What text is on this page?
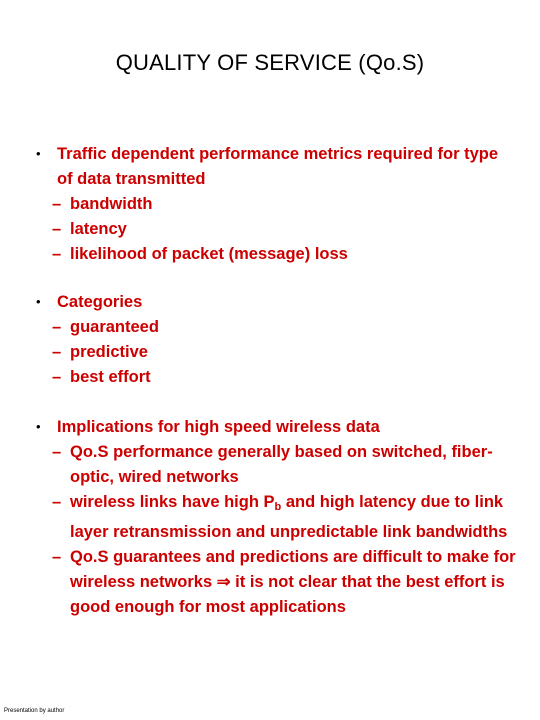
QUALITY OF SERVICE (Qo.S)
• Traffic dependent performance metrics required for type of data transmitted
– bandwidth
– latency
– likelihood of packet (message) loss
• Categories
– guaranteed
– predictive
– best effort
• Implications for high speed wireless data
– Qo.S performance generally based on switched, fiber-optic, wired networks
– wireless links have high $P_b$ and high latency due to link layer retransmission and unpredictable link bandwidths
– Qo.S guarantees and predictions are difficult to make for wireless networks ⇒ it is not clear that the best effort is good enough for most applications
Presentation by author
